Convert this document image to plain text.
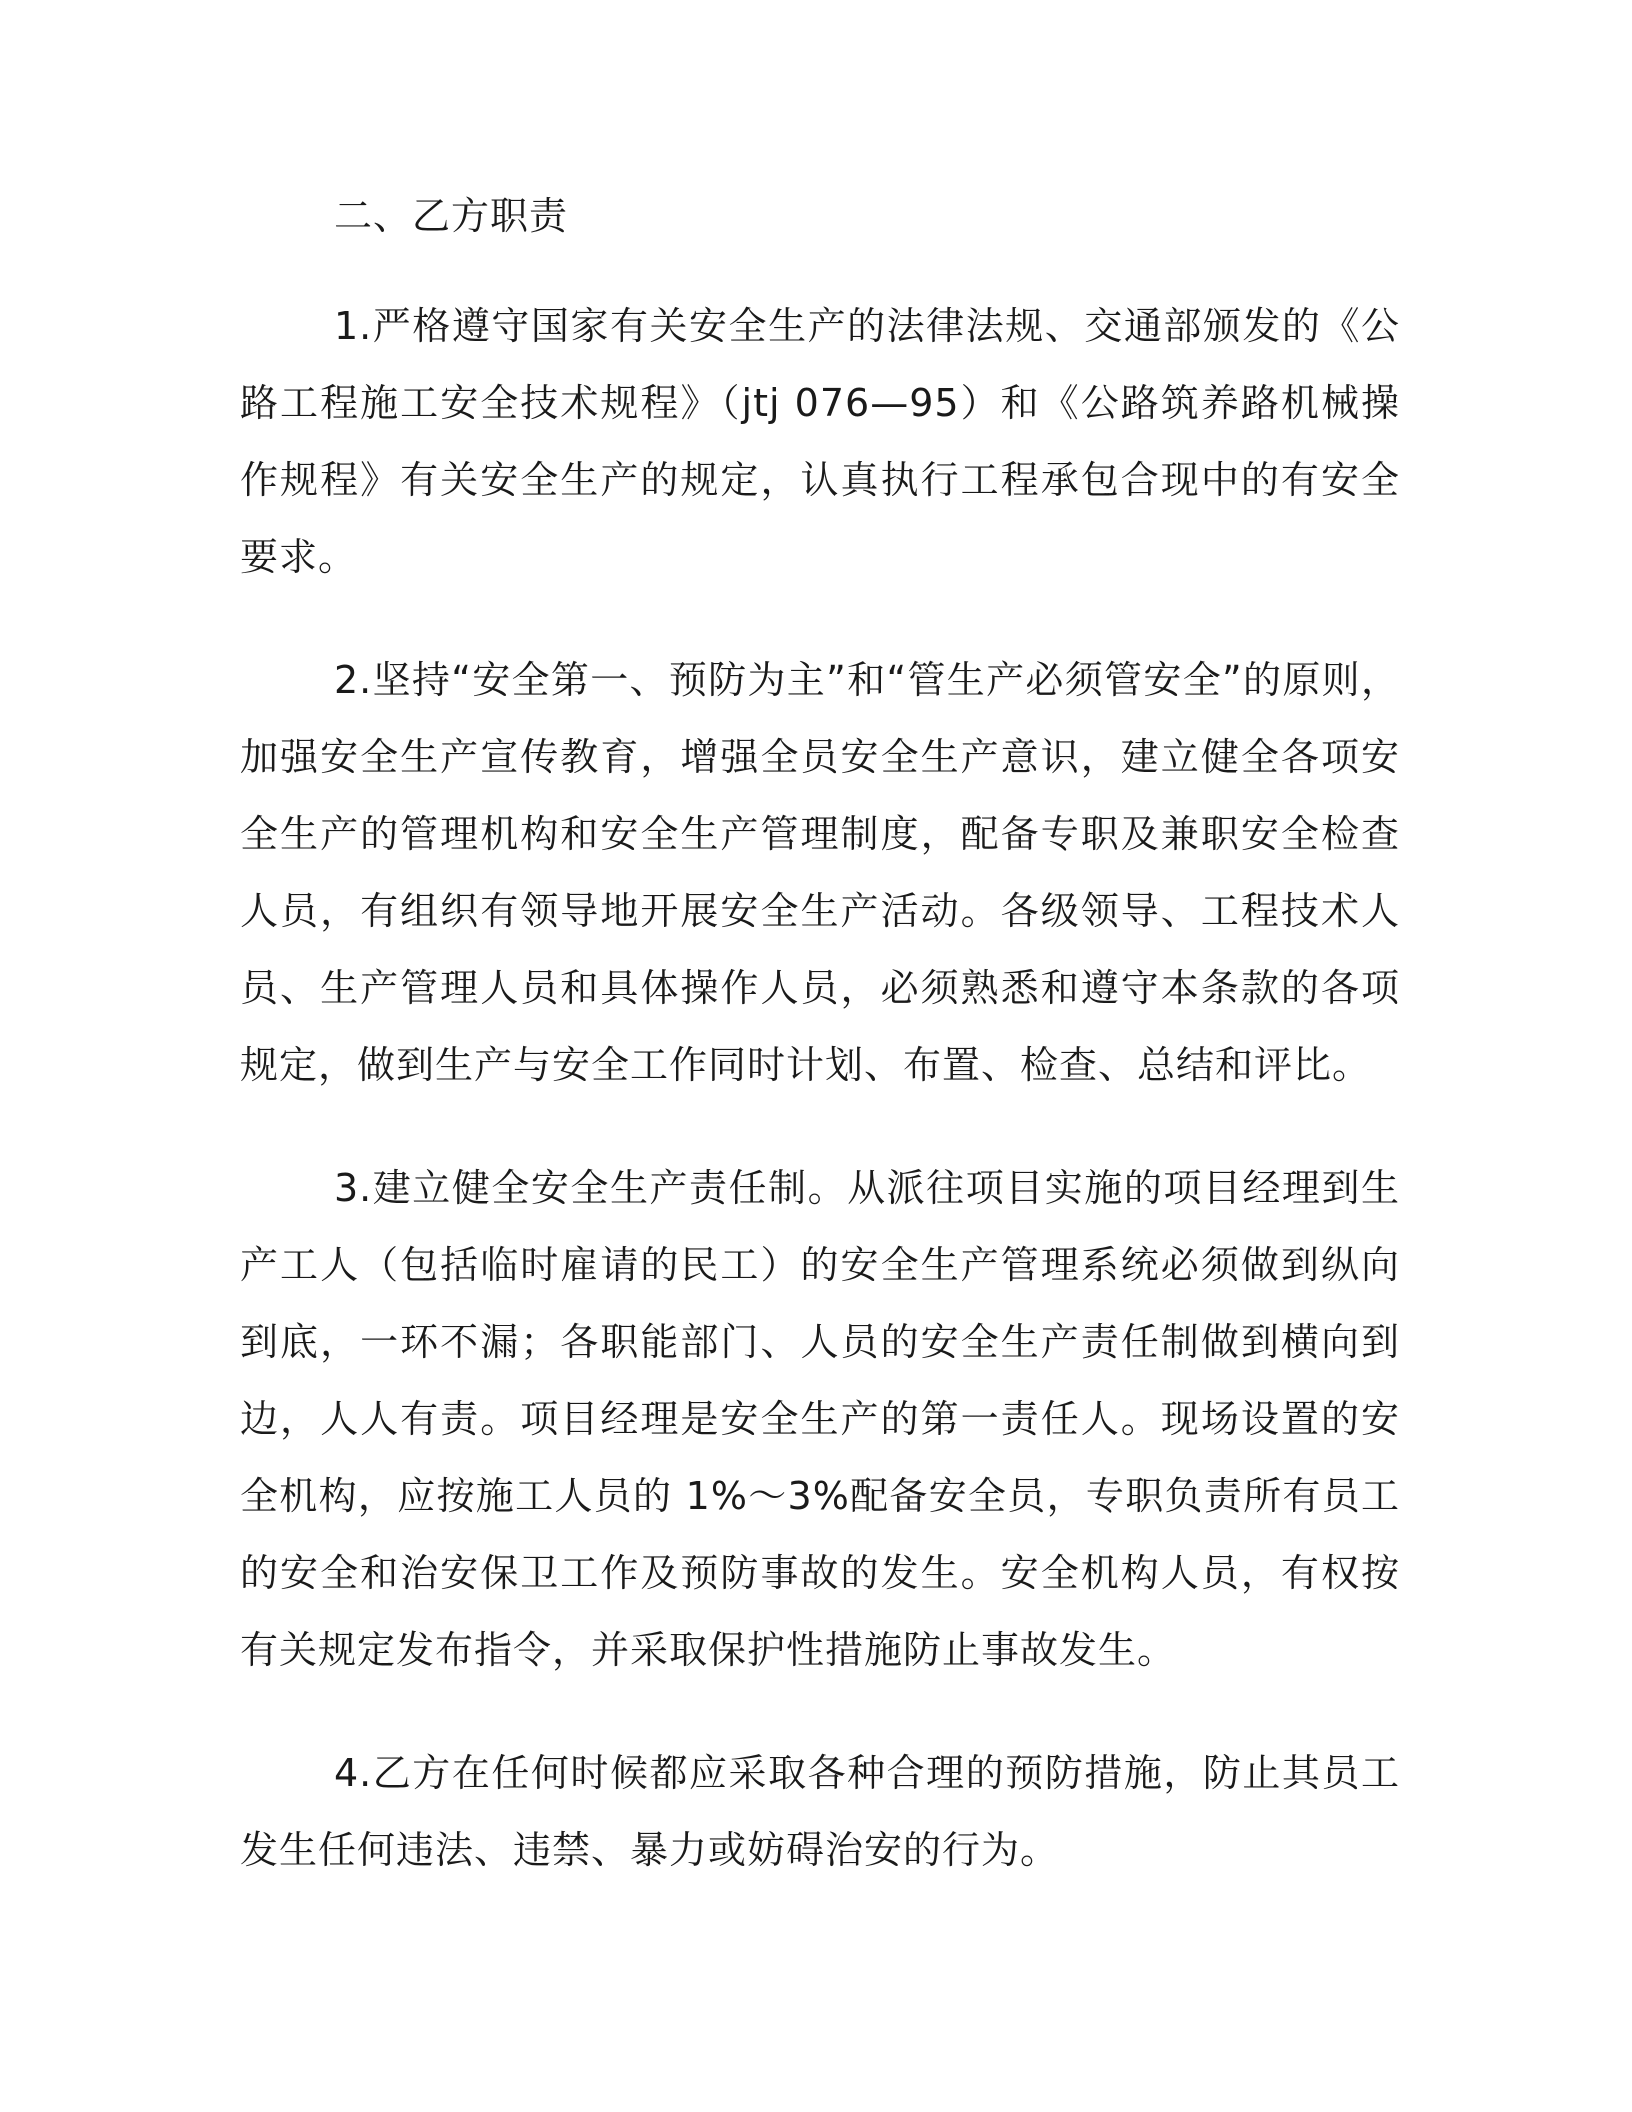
二、乙方职责

1.严格遵守国家有关安全生产的法律法规、交通部颁发的《公路工程施工安全技术规程》（jtj 076—95）和《公路筑养路机械操作规程》有关安全生产的规定，认真执行工程承包合现中的有安全要求。

2.坚持“安全第一、预防为主”和“管生产必须管安全”的原则，加强安全生产宣传教育，增强全员安全生产意识，建立健全各项安全生产的管理机构和安全生产管理制度，配备专职及兼职安全检查人员，有组织有领导地开展安全生产活动。各级领导、工程技术人员、生产管理人员和具体操作人员，必须熟悉和遵守本条款的各项规定，做到生产与安全工作同时计划、布置、检查、总结和评比。

3.建立健全安全生产责任制。从派往项目实施的项目经理到生产工人（包括临时雇请的民工）的安全生产管理系统必须做到纵向到底，一环不漏；各职能部门、人员的安全生产责任制做到横向到边，人人有责。项目经理是安全生产的第一责任人。现场设置的安全机构，应按施工人员的 1%～3%配备安全员，专职负责所有员工的安全和治安保卫工作及预防事故的发生。安全机构人员，有权按有关规定发布指令，并采取保护性措施防止事故发生。

4.乙方在任何时候都应采取各种合理的预防措施，防止其员工发生任何违法、违禁、暴力或妨碍治安的行为。
